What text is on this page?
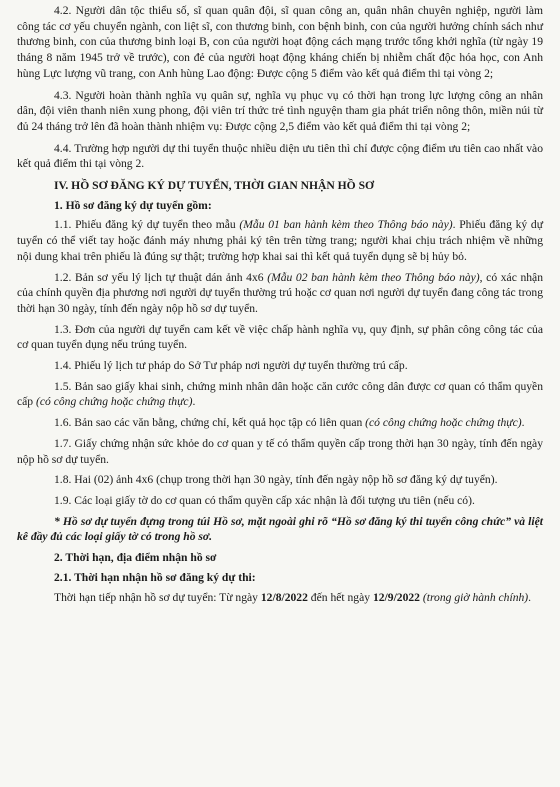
4.2. Người dân tộc thiểu số, sĩ quan quân đội, sĩ quan công an, quân nhân chuyên nghiệp, người làm công tác cơ yếu chuyển ngành, con liệt sĩ, con thương binh, con bệnh binh, con của người hưởng chính sách như thương binh, con của thương binh loại B, con của người hoạt động cách mạng trước tổng khởi nghĩa (từ ngày 19 tháng 8 năm 1945 trở về trước), con đẻ của người hoạt động kháng chiến bị nhiễm chất độc hóa học, con Anh hùng Lực lượng vũ trang, con Anh hùng Lao động: Được cộng 5 điểm vào kết quả điểm thi tại vòng 2;

4.3. Người hoàn thành nghĩa vụ quân sự, nghĩa vụ phục vụ có thời hạn trong lực lượng công an nhân dân, đội viên thanh niên xung phong, đội viên trí thức trẻ tình nguyện tham gia phát triển nông thôn, miền núi từ đủ 24 tháng trở lên đã hoàn thành nhiệm vụ: Được cộng 2,5 điểm vào kết quả điểm thi tại vòng 2;

4.4. Trường hợp người dự thi tuyển thuộc nhiều diện ưu tiên thì chỉ được cộng điểm ưu tiên cao nhất vào kết quả điểm thi tại vòng 2.

IV. HỒ SƠ ĐĂNG KÝ DỰ TUYỂN, THỜI GIAN NHẬN HỒ SƠ

1. Hồ sơ đăng ký dự tuyển gồm:

1.1. Phiếu đăng ký dự tuyển theo mẫu (Mẫu 01 ban hành kèm theo Thông báo này). Phiếu đăng ký dự tuyển có thể viết tay hoặc đánh máy nhưng phải ký tên trên từng trang; người khai chịu trách nhiệm về những nội dung khai trên phiếu là đúng sự thật; trường hợp khai sai thì kết quả tuyển dụng sẽ bị hủy bỏ.

1.2. Bản sơ yếu lý lịch tự thuật dán ảnh 4x6 (Mẫu 02 ban hành kèm theo Thông báo này), có xác nhận của chính quyền địa phương nơi người dự tuyển thường trú hoặc cơ quan nơi người dự tuyển đang công tác trong thời hạn 30 ngày, tính đến ngày nộp hồ sơ dự tuyển.

1.3. Đơn của người dự tuyển cam kết về việc chấp hành nghĩa vụ, quy định, sự phân công công tác của cơ quan tuyển dụng nếu trúng tuyển.

1.4. Phiếu lý lịch tư pháp do Sở Tư pháp nơi người dự tuyển thường trú cấp.

1.5. Bản sao giấy khai sinh, chứng minh nhân dân hoặc căn cước công dân được cơ quan có thẩm quyền cấp (có công chứng hoặc chứng thực).

1.6. Bản sao các văn bằng, chứng chỉ, kết quả học tập có liên quan (có công chứng hoặc chứng thực).

1.7. Giấy chứng nhận sức khỏe do cơ quan y tế có thẩm quyền cấp trong thời hạn 30 ngày, tính đến ngày nộp hồ sơ dự tuyển.

1.8. Hai (02) ảnh 4x6 (chụp trong thời hạn 30 ngày, tính đến ngày nộp hồ sơ đăng ký dự tuyển).

1.9. Các loại giấy tờ do cơ quan có thẩm quyền cấp xác nhận là đối tượng ưu tiên (nếu có).

* Hồ sơ dự tuyển đựng trong túi Hồ sơ, mặt ngoài ghi rõ “Hồ sơ đăng ký thi tuyển công chức” và liệt kê đầy đủ các loại giấy tờ có trong hồ sơ.

2. Thời hạn, địa điểm nhận hồ sơ

2.1. Thời hạn nhận hồ sơ đăng ký dự thi:

Thời hạn tiếp nhận hồ sơ dự tuyển: Từ ngày 12/8/2022 đến hết ngày 12/9/2022 (trong giờ hành chính).
